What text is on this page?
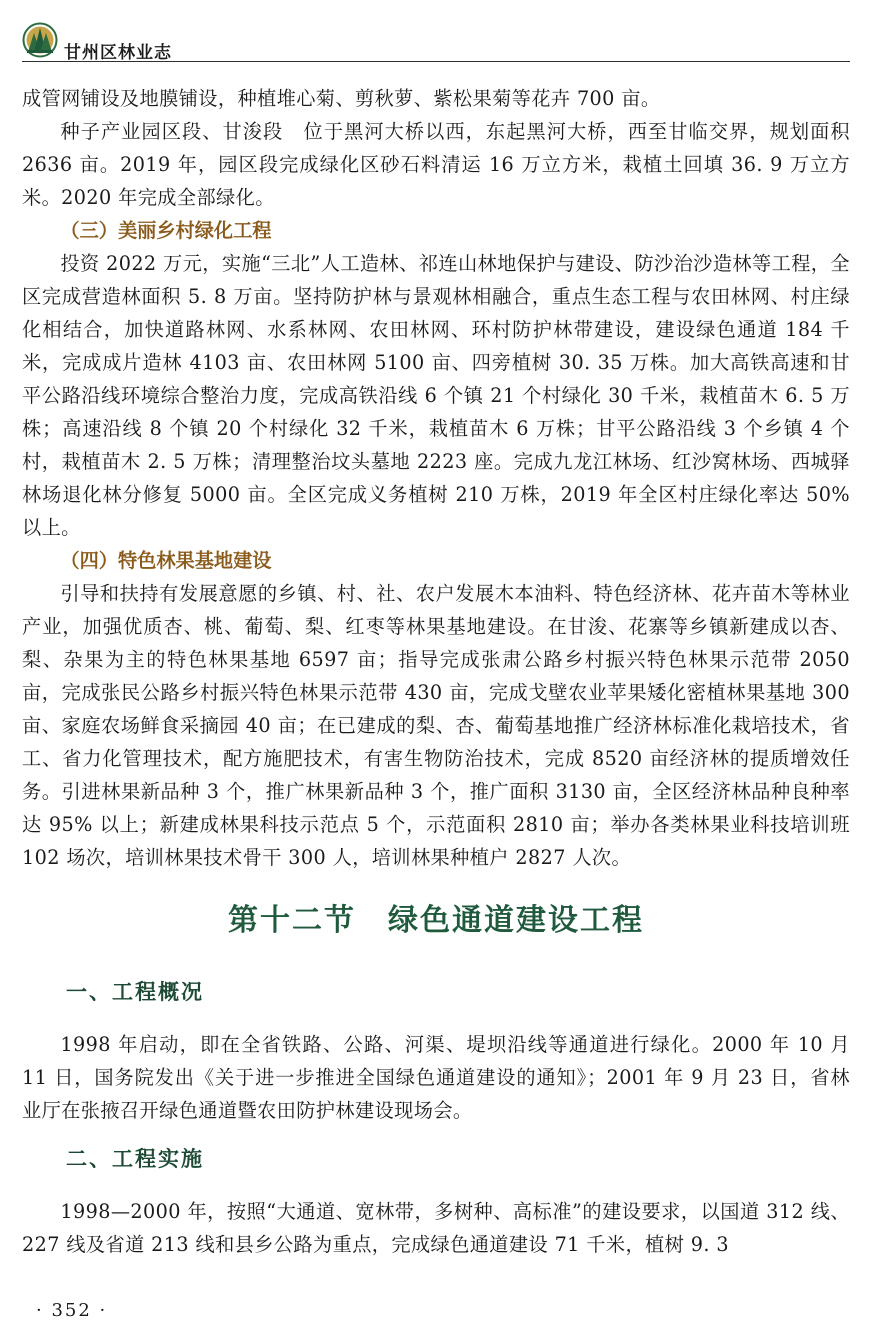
甘州区林业志

成管网铺设及地膜铺设，种植堆心菊、剪秋萝、紫松果菊等花卉 700 亩。

种子产业园区段、甘浚段　位于黑河大桥以西，东起黑河大桥，西至甘临交界，规划面积 2636 亩。2019 年，园区段完成绿化区砂石料清运 16 万立方米，栽植土回填 36. 9 万立方米。2020 年完成全部绿化。

（三）美丽乡村绿化工程

投资 2022 万元，实施“三北”人工造林、祁连山林地保护与建设、防沙治沙造林等工程，全区完成营造林面积 5. 8 万亩。坚持防护林与景观林相融合，重点生态工程与农田林网、村庄绿化相结合，加快道路林网、水系林网、农田林网、环村防护林带建设，建设绿色通道 184 千米，完成成片造林 4103 亩、农田林网 5100 亩、四旁植树 30. 35 万株。加大高铁高速和甘平公路沿线环境综合整治力度，完成高铁沿线 6 个镇 21 个村绿化 30 千米，栽植苗木 6. 5 万株；高速沿线 8 个镇 20 个村绿化 32 千米，栽植苗木 6 万株；甘平公路沿线 3 个乡镇 4 个村，栽植苗木 2. 5 万株；清理整治坟头墓地 2223 座。完成九龙江林场、红沙窝林场、西城驿林场退化林分修复 5000 亩。全区完成义务植树 210 万株，2019 年全区村庄绿化率达 50% 以上。

（四）特色林果基地建设

引导和扶持有发展意愿的乡镇、村、社、农户发展木本油料、特色经济林、花卉苗木等林业产业，加强优质杏、桃、葡萄、梨、红枣等林果基地建设。在甘浚、花寨等乡镇新建成以杏、梨、杂果为主的特色林果基地 6597 亩；指导完成张肃公路乡村振兴特色林果示范带 2050 亩，完成张民公路乡村振兴特色林果示范带 430 亩，完成戈壁农业苹果矮化密植林果基地 300 亩、家庭农场鲜食采摘园 40 亩；在已建成的梨、杏、葡萄基地推广经济林标准化栽培技术，省工、省力化管理技术，配方施肥技术，有害生物防治技术，完成 8520 亩经济林的提质增效任务。引进林果新品种 3 个，推广林果新品种 3 个，推广面积 3130 亩，全区经济林品种良种率达 95% 以上；新建成林果科技示范点 5 个，示范面积 2810 亩；举办各类林果业科技培训班 102 场次，培训林果技术骨干 300 人，培训林果种植户 2827 人次。

第十二节　绿色通道建设工程
一、工程概况

1998 年启动，即在全省铁路、公路、河渠、堤坝沿线等通道进行绿化。2000 年 10 月 11 日，国务院发出《关于进一步推进全国绿色通道建设的通知》；2001 年 9 月 23 日，省林业厅在张掖召开绿色通道暨农田防护林建设现场会。

二、工程实施

1998—2000 年，按照“大通道、宽林带，多树种、高标准”的建设要求，以国道 312 线、227 线及省道 213 线和县乡公路为重点，完成绿色通道建设 71 千米，植树 9. 3

· 352 ·
